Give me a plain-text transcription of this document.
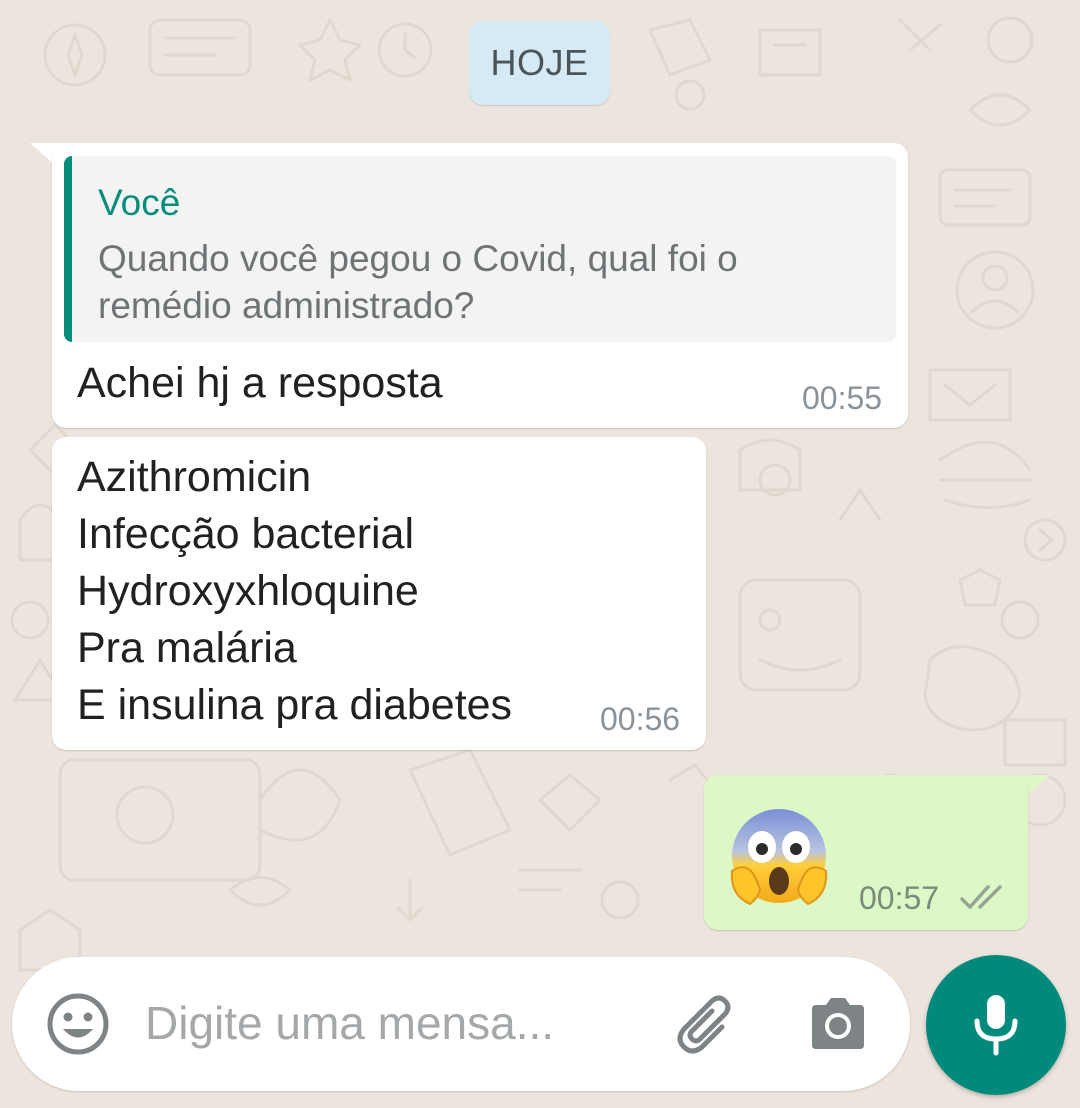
HOJE
Você
Quando você pegou o Covid, qual foi o
remédio administrado?
Achei hj a resposta	00:55
Azithromicin
Infecção bacterial
Hydroxyxhloquine
Pra malária
E insulina pra diabetes	00:56
00:57
Digite uma mensa...
